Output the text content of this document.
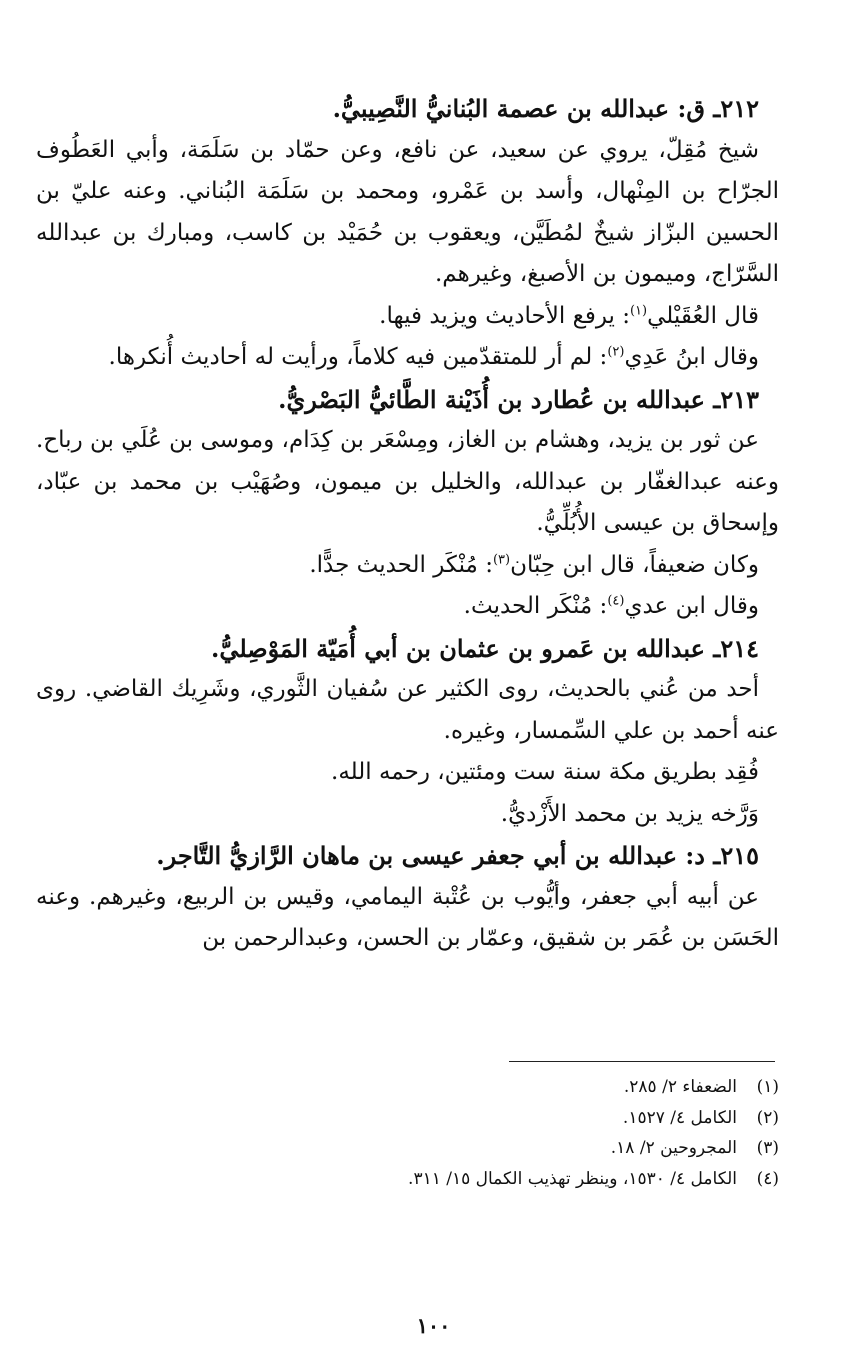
٢١٢ـ ق: عبدالله بن عصمة البُنانيُّ النَّصِيبيُّ.

شيخ مُقِلّ، يروي عن سعيد، عن نافع، وعن حمّاد بن سَلَمَة، وأبي العَطُوف الجرّاح بن المِنْهال، وأسد بن عَمْرو، ومحمد بن سَلَمَة البُناني. وعنه عليّ بن الحسين البزّاز شيخٌ لمُطَيَّن، ويعقوب بن حُمَيْد بن كاسب، ومبارك بن عبدالله السَّرّاج، وميمون بن الأصبغ، وغيرهم.

قال العُقَيْلي$^{(١)}$: يرفع الأحاديث ويزيد فيها.

وقال ابنُ عَدِي$^{(٢)}$: لم أر للمتقدّمين فيه كلاماً، ورأيت له أحاديث أُنكرها.

٢١٣ـ عبدالله بن عُطارد بن أُذَيْنة الطَّائيُّ البَصْريُّ.

عن ثور بن يزيد، وهشام بن الغاز، ومِسْعَر بن كِدَام، وموسى بن عُلَي بن رباح. وعنه عبدالغفّار بن عبدالله، والخليل بن ميمون، وصُهَيْب بن محمد بن عبّاد، وإسحاق بن عيسى الأُبُلِّيُّ.

وكان ضعيفاً، قال ابن حِبّان$^{(٣)}$: مُنْكَر الحديث جدًّا.

وقال ابن عدي$^{(٤)}$: مُنْكَر الحديث.

٢١٤ـ عبدالله بن عَمرو بن عثمان بن أبي أُمَيّة المَوْصِليُّ.

أحد من عُني بالحديث، روى الكثير عن سُفيان الثَّوري، وشَرِيك القاضي. روى عنه أحمد بن علي السِّمسار، وغيره.

فُقِد بطريق مكة سنة ست ومئتين، رحمه الله.

وَرَّخه يزيد بن محمد الأَزْديُّ.

٢١٥ـ د: عبدالله بن أبي جعفر عيسى بن ماهان الرَّازيُّ التَّاجر.

عن أبيه أبي جعفر، وأيُّوب بن عُتْبة اليمامي، وقيس بن الربيع، وغيرهم. وعنه الحَسَن بن عُمَر بن شقيق، وعمّار بن الحسن، وعبدالرحمن بن

(١)الضعفاء ٢/ ٢٨٥.

(٢)الكامل ٤/ ١٥٢٧.

(٣)المجروحين ٢/ ١٨.

(٤)الكامل ٤/ ١٥٣٠، وينظر تهذيب الكمال ١٥/ ٣١١.

١٠٠
